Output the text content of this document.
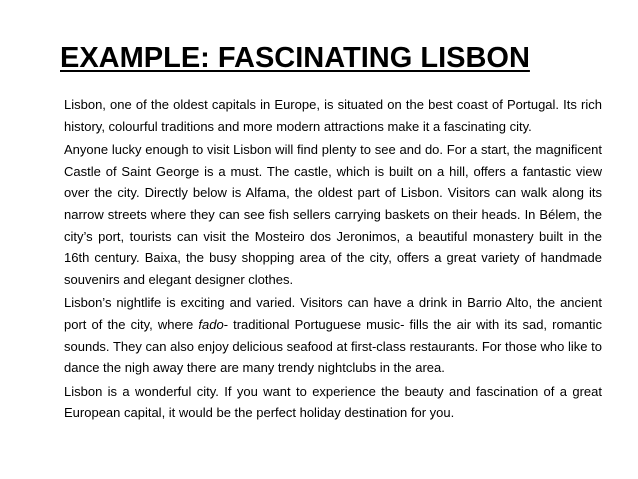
EXAMPLE: FASCINATING LISBON

Lisbon, one of the oldest capitals in Europe, is situated on the best coast of Portugal. Its rich history, colourful traditions and more modern attractions make it a fascinating city.

Anyone lucky enough to visit Lisbon will find plenty to see and do. For a start, the magnificent Castle of Saint George is a must. The castle, which is built on a hill, offers a fantastic view over the city. Directly below is Alfama, the oldest part of Lisbon. Visitors can walk along its narrow streets where they can see fish sellers carrying baskets on their heads. In Bélem, the city’s port, tourists can visit the Mosteiro dos Jeronimos, a beautiful monastery built in the 16th century. Baixa, the busy shopping area of the city, offers a great variety of handmade souvenirs and elegant designer clothes.

Lisbon’s nightlife is exciting and varied. Visitors can have a drink in Barrio Alto, the ancient port of the city, where fado- traditional Portuguese music- fills the air with its sad, romantic sounds. They can also enjoy delicious seafood at first-class restaurants. For those who like to dance the nigh away there are many trendy nightclubs in the area.

Lisbon is a wonderful city. If you want to experience the beauty and fascination of a great European capital, it would be the perfect holiday destination for you.
